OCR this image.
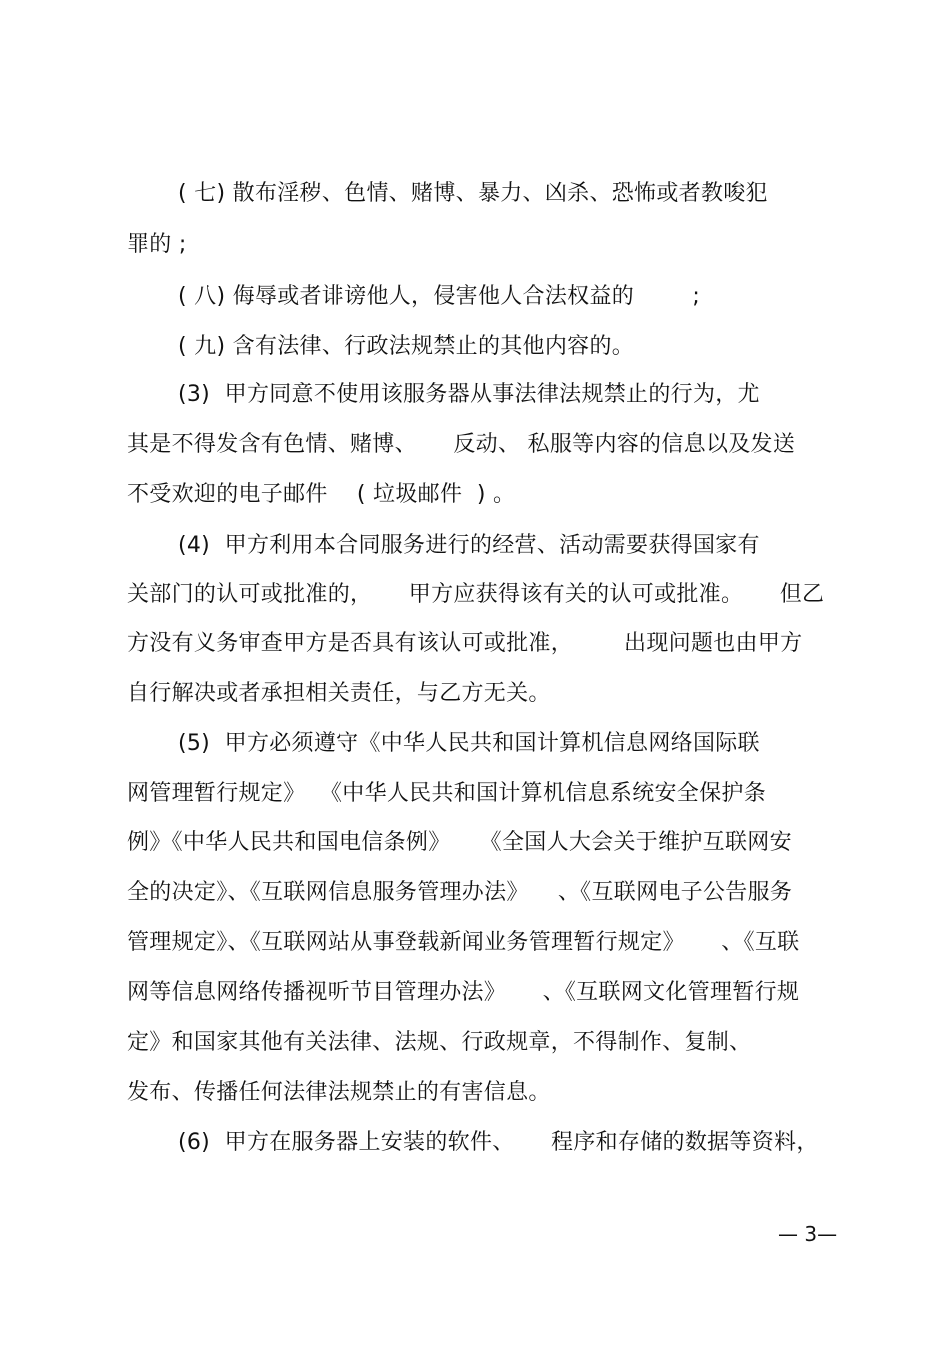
( 七) 散布淫秽、色情、赌博、暴力、凶杀、恐怖或者教唆犯
罪的 ;
( 八) 侮辱或者诽谤他人，侵害他人合法权益的        ;
( 九) 含有法律、行政法规禁止的其他内容的。
(3)  甲方同意不使用该服务器从事法律法规禁止的行为，尤
其是不得发含有色情、赌博、     反动、 私服等内容的信息以及发送
不受欢迎的电子邮件    ( 垃圾邮件  ) 。
(4)  甲方利用本合同服务进行的经营、活动需要获得国家有
关部门的认可或批准的，     甲方应获得该有关的认可或批准。     但乙
方没有义务审查甲方是否具有该认可或批准，       出现问题也由甲方
自行解决或者承担相关责任，与乙方无关。
(5)  甲方必须遵守《中华人民共和国计算机信息网络国际联
网管理暂行规定》  《中华人民共和国计算机信息系统安全保护条
例》《中华人民共和国电信条例》    《全国人大会关于维护互联网安
全的决定》、《互联网信息服务管理办法》    、《互联网电子公告服务
管理规定》、《互联网站从事登载新闻业务管理暂行规定》     、《互联
网等信息网络传播视听节目管理办法》     、《互联网文化管理暂行规
定》和国家其他有关法律、法规、行政规章，不得制作、复制、
发布、传播任何法律法规禁止的有害信息。
(6)  甲方在服务器上安装的软件、     程序和存储的数据等资料，
— 3—
